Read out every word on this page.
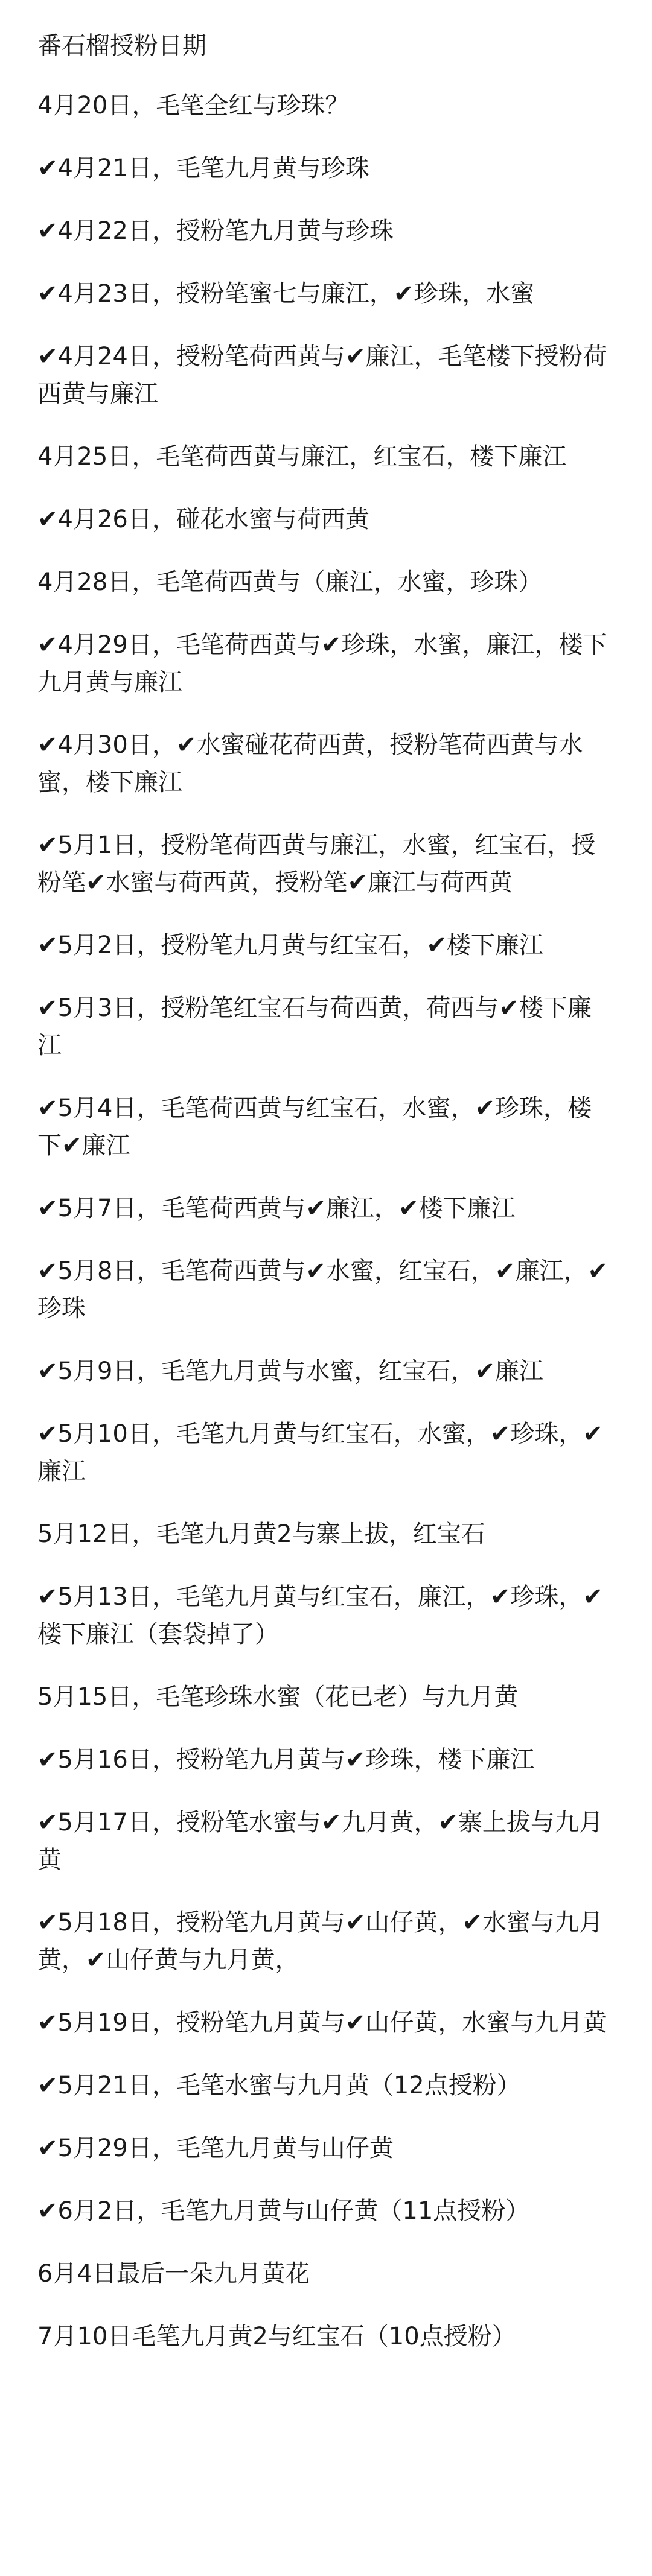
番石榴授粉日期
4月20日，毛笔全红与珍珠？
✔4月21日，毛笔九月黄与珍珠
✔4月22日，授粉笔九月黄与珍珠
✔4月23日，授粉笔蜜七与廉江，✔珍珠，水蜜
✔4月24日，授粉笔荷西黄与✔廉江，毛笔楼下授粉荷西黄与廉江
4月25日，毛笔荷西黄与廉江，红宝石，楼下廉江
✔4月26日，碰花水蜜与荷西黄
4月28日，毛笔荷西黄与（廉江，水蜜，珍珠）
✔4月29日，毛笔荷西黄与✔珍珠，水蜜，廉江，楼下九月黄与廉江
✔4月30日，✔水蜜碰花荷西黄，授粉笔荷西黄与水蜜，楼下廉江
✔5月1日，授粉笔荷西黄与廉江，水蜜，红宝石，授粉笔✔水蜜与荷西黄，授粉笔✔廉江与荷西黄
✔5月2日，授粉笔九月黄与红宝石，✔楼下廉江
✔5月3日，授粉笔红宝石与荷西黄，荷西与✔楼下廉江
✔5月4日，毛笔荷西黄与红宝石，水蜜，✔珍珠，楼下✔廉江
✔5月7日，毛笔荷西黄与✔廉江，✔楼下廉江
✔5月8日，毛笔荷西黄与✔水蜜，红宝石，✔廉江，✔珍珠
✔5月9日，毛笔九月黄与水蜜，红宝石，✔廉江
✔5月10日，毛笔九月黄与红宝石，水蜜，✔珍珠，✔廉江
5月12日，毛笔九月黄2与寨上拔，红宝石
✔5月13日，毛笔九月黄与红宝石，廉江，✔珍珠，✔楼下廉江（套袋掉了）
5月15日，毛笔珍珠水蜜（花已老）与九月黄
✔5月16日，授粉笔九月黄与✔珍珠，楼下廉江
✔5月17日，授粉笔水蜜与✔九月黄，✔寨上拔与九月黄
✔5月18日，授粉笔九月黄与✔山仔黄，✔水蜜与九月黄，✔山仔黄与九月黄，
✔5月19日，授粉笔九月黄与✔山仔黄，水蜜与九月黄
✔5月21日，毛笔水蜜与九月黄（12点授粉）
✔5月29日，毛笔九月黄与山仔黄
✔6月2日，毛笔九月黄与山仔黄（11点授粉）
6月4日最后一朵九月黄花
7月10日毛笔九月黄2与红宝石（10点授粉）
